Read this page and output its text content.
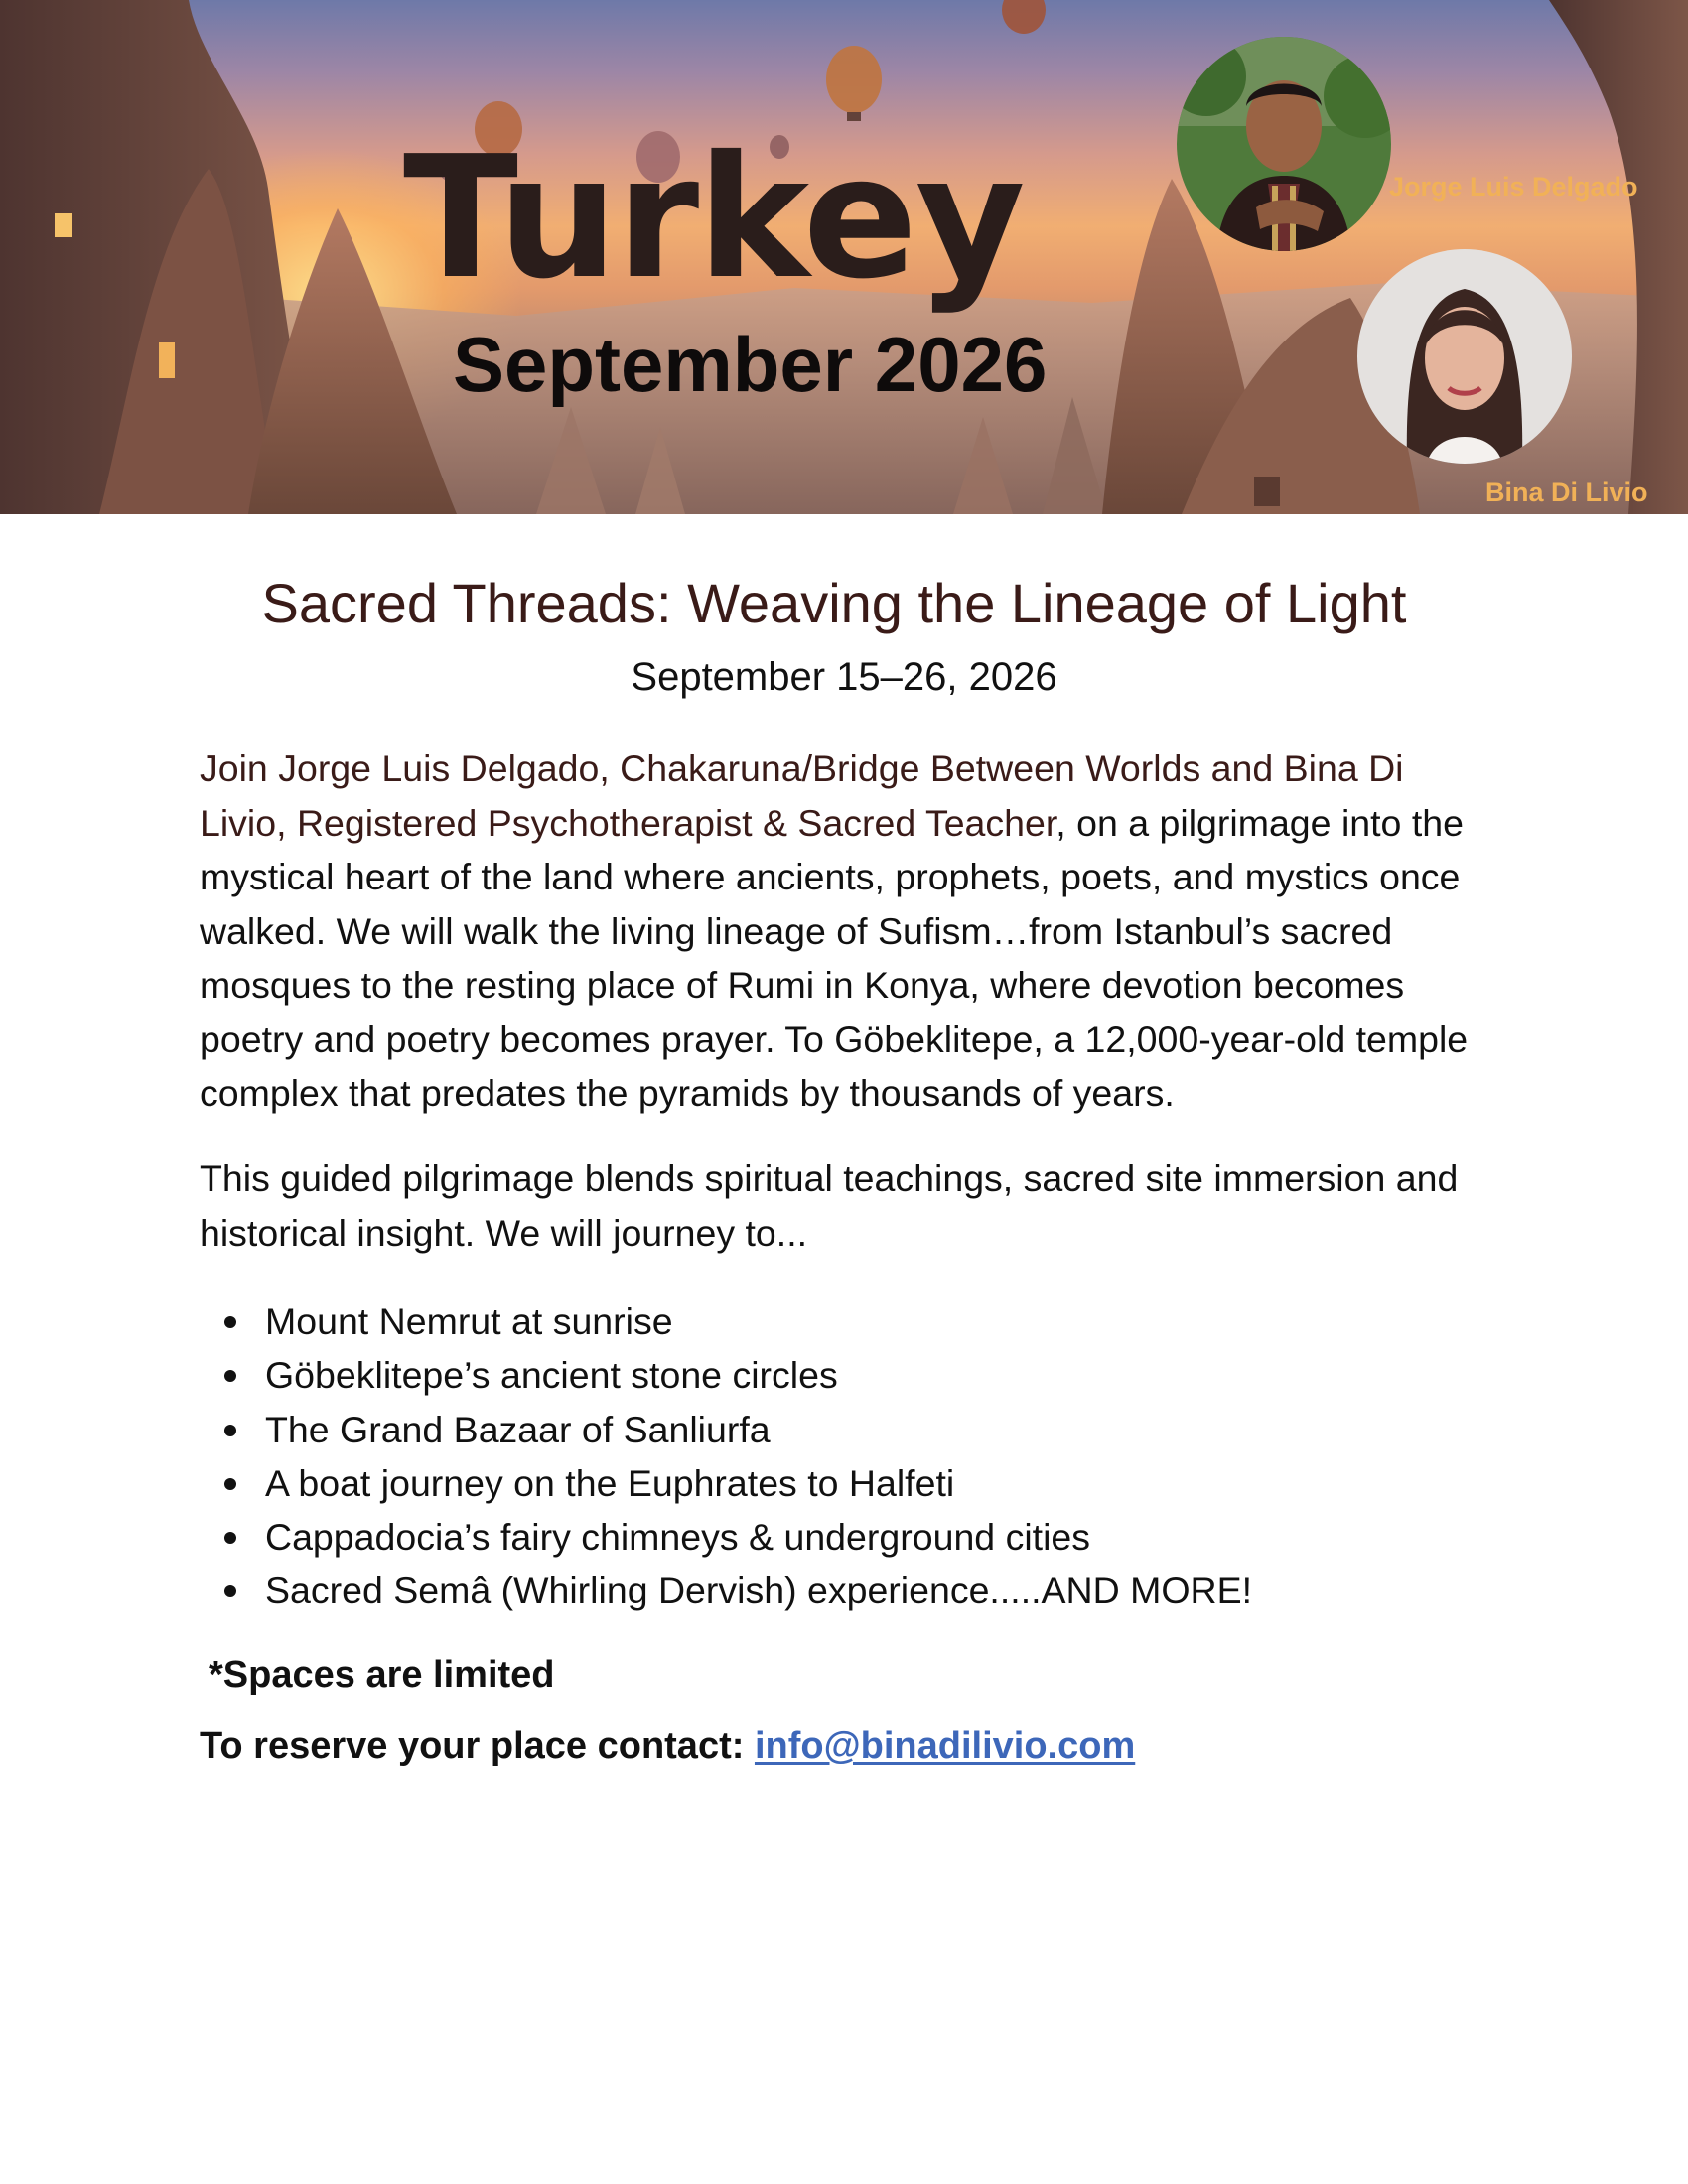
Turkey
September 2026
Jorge Luis Delgado
Bina Di Livio
Sacred Threads: Weaving the Lineage of Light
September 15–26, 2026

Join Jorge Luis Delgado, Chakaruna/Bridge Between Worlds and Bina Di Livio, Registered Psychotherapist & Sacred Teacher, on a pilgrimage into the mystical heart of the land where ancients, prophets, poets, and mystics once walked. We will walk the living lineage of Sufism…from Istanbul’s sacred mosques to the resting place of Rumi in Konya, where devotion becomes poetry and poetry becomes prayer. To Göbeklitepe, a 12,000-year-old temple complex that predates the pyramids by thousands of years.

This guided pilgrimage blends spiritual teachings, sacred site immersion and historical insight. We will journey to...

Mount Nemrut at sunrise
Göbeklitepe’s ancient stone circles
The Grand Bazaar of Sanliurfa
A boat journey on the Euphrates to Halfeti
Cappadocia’s fairy chimneys & underground cities
Sacred Semâ (Whirling Dervish) experience.....AND MORE!

*Spaces are limited

To reserve your place contact: info@binadilivio.com
